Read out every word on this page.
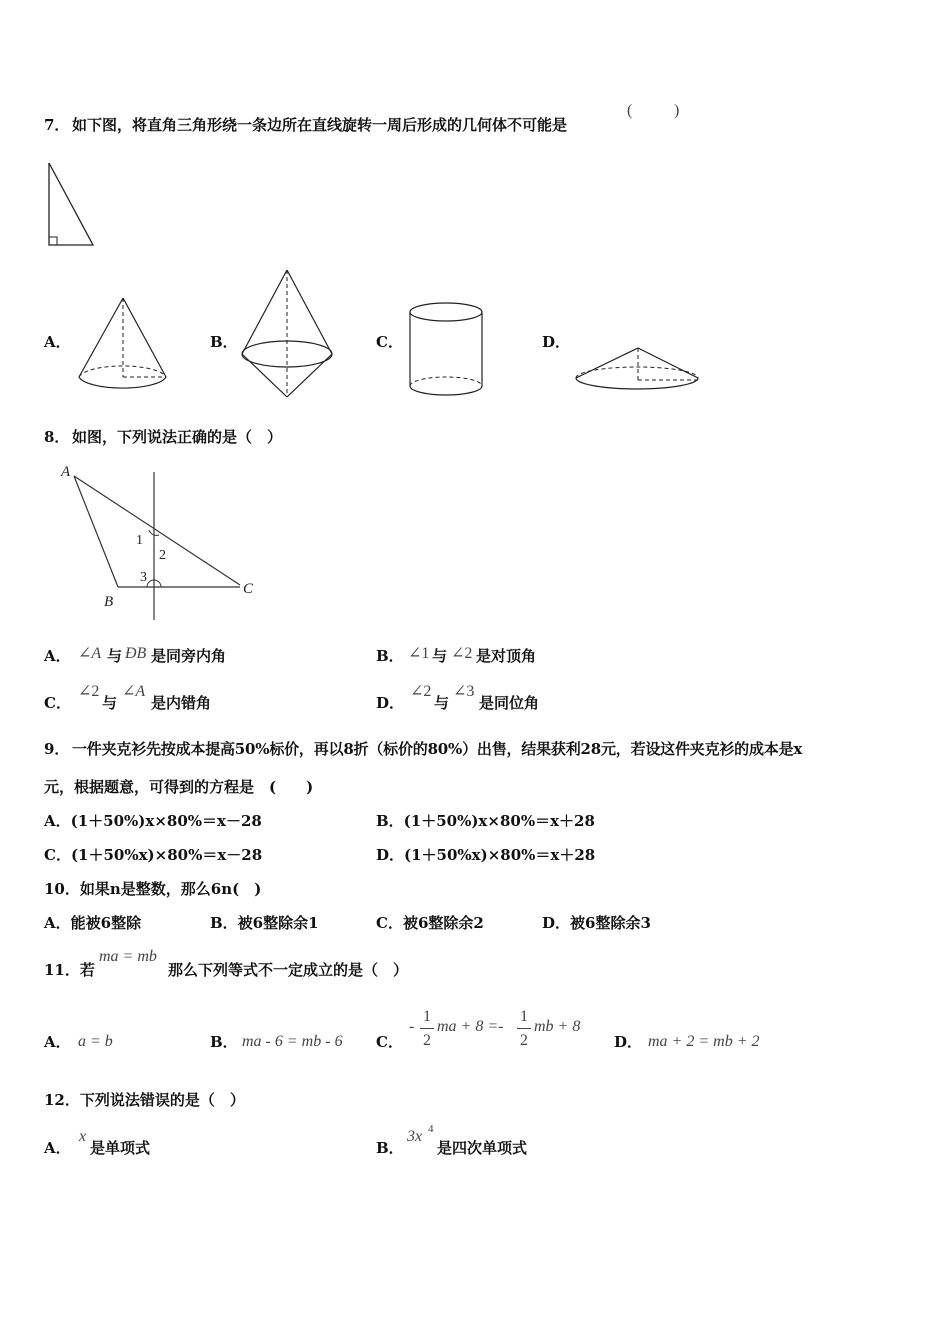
7． 如下图，将直角三角形绕一条边所在直线旋转一周后形成的几何体不可能是
(	)
A．	B．	C．	D．
8． 如图，下列说法正确的是（　）
A
B
C
1
2
3
A． ∠A 与 ÐB 是同旁内角	B． ∠1 与 ∠2 是对顶角
C．
∠2
与
∠A
是内错角	D．
∠2
与
∠3
是同位角
9． 一件夹克衫先按成本提高50%标价，再以8折（标价的80%）出售，结果获利28元，若设这件夹克衫的成本是x
元，根据题意，可得到的方程是　(　　)
A．(1＋50%)x×80%＝x－28	B．(1＋50%)x×80%＝x＋28
C．(1＋50%x)×80%＝x－28	D．(1＋50%x)×80%＝x＋28
10．如果n是整数，那么6n(　)
A．能被6整除	B．被6整除余1	C．被6整除余2	D．被6整除余3
11．若
ma = mb
那么下列等式不一定成立的是（　）
A． a = b	B． ma - 6 = mb - 6 C．
-
1
2
ma + 8 =-
1
2
mb + 8
D． ma + 2 = mb + 2
12．下列说法错误的是（　）
A．
x
是单项式	B．
3x 4
是四次单项式
